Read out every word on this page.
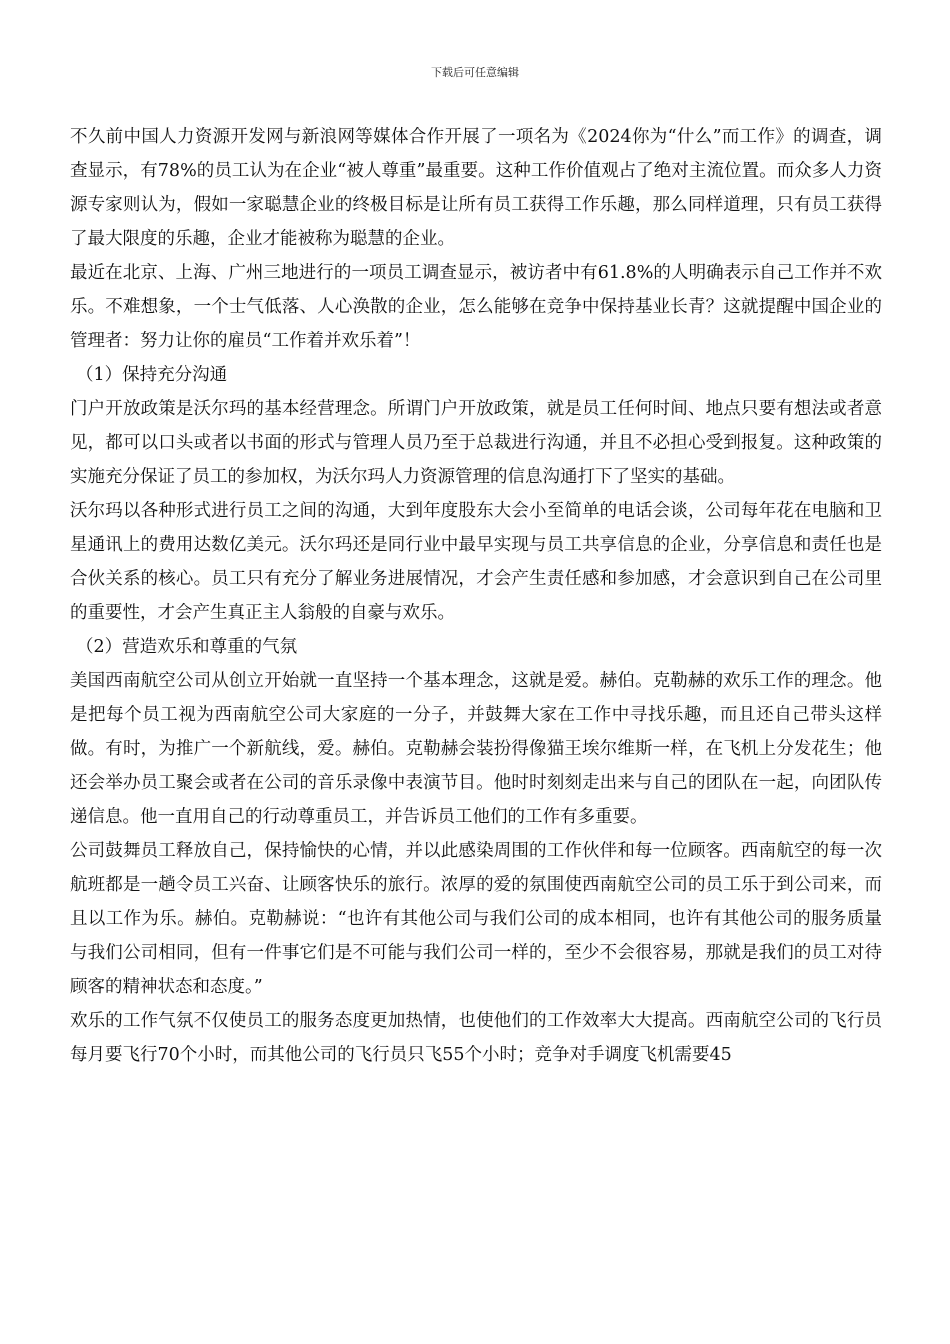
下载后可任意编辑

不久前中国人力资源开发网与新浪网等媒体合作开展了一项名为《2024你为“什么”而工作》的调查，调查显示，有78%的员工认为在企业“被人尊重”最重要。这种工作价值观占了绝对主流位置。而众多人力资源专家则认为，假如一家聪慧企业的终极目标是让所有员工获得工作乐趣，那么同样道理，只有员工获得了最大限度的乐趣，企业才能被称为聪慧的企业。

最近在北京、上海、广州三地进行的一项员工调查显示，被访者中有61.8%的人明确表示自己工作并不欢乐。不难想象，一个士气低落、人心涣散的企业，怎么能够在竞争中保持基业长青？这就提醒中国企业的管理者：努力让你的雇员“工作着并欢乐着”！

（1）保持充分沟通

门户开放政策是沃尔玛的基本经营理念。所谓门户开放政策，就是员工任何时间、地点只要有想法或者意见，都可以口头或者以书面的形式与管理人员乃至于总裁进行沟通，并且不必担心受到报复。这种政策的实施充分保证了员工的参加权，为沃尔玛人力资源管理的信息沟通打下了坚实的基础。

沃尔玛以各种形式进行员工之间的沟通，大到年度股东大会小至简单的电话会谈，公司每年花在电脑和卫星通讯上的费用达数亿美元。沃尔玛还是同行业中最早实现与员工共享信息的企业，分享信息和责任也是合伙关系的核心。员工只有充分了解业务进展情况，才会产生责任感和参加感，才会意识到自己在公司里的重要性，才会产生真正主人翁般的自豪与欢乐。

（2）营造欢乐和尊重的气氛

美国西南航空公司从创立开始就一直坚持一个基本理念，这就是爱。赫伯。克勒赫的欢乐工作的理念。他是把每个员工视为西南航空公司大家庭的一分子，并鼓舞大家在工作中寻找乐趣，而且还自己带头这样做。有时，为推广一个新航线，爱。赫伯。克勒赫会装扮得像猫王埃尔维斯一样，在飞机上分发花生；他还会举办员工聚会或者在公司的音乐录像中表演节目。他时时刻刻走出来与自己的团队在一起，向团队传递信息。他一直用自己的行动尊重员工，并告诉员工他们的工作有多重要。

公司鼓舞员工释放自己，保持愉快的心情，并以此感染周围的工作伙伴和每一位顾客。西南航空的每一次航班都是一趟令员工兴奋、让顾客快乐的旅行。浓厚的爱的氛围使西南航空公司的员工乐于到公司来，而且以工作为乐。赫伯。克勒赫说：“也许有其他公司与我们公司的成本相同，也许有其他公司的服务质量与我们公司相同，但有一件事它们是不可能与我们公司一样的，至少不会很容易，那就是我们的员工对待顾客的精神状态和态度。”

欢乐的工作气氛不仅使员工的服务态度更加热情，也使他们的工作效率大大提高。西南航空公司的飞行员每月要飞行70个小时，而其他公司的飞行员只飞55个小时；竞争对手调度飞机需要45
